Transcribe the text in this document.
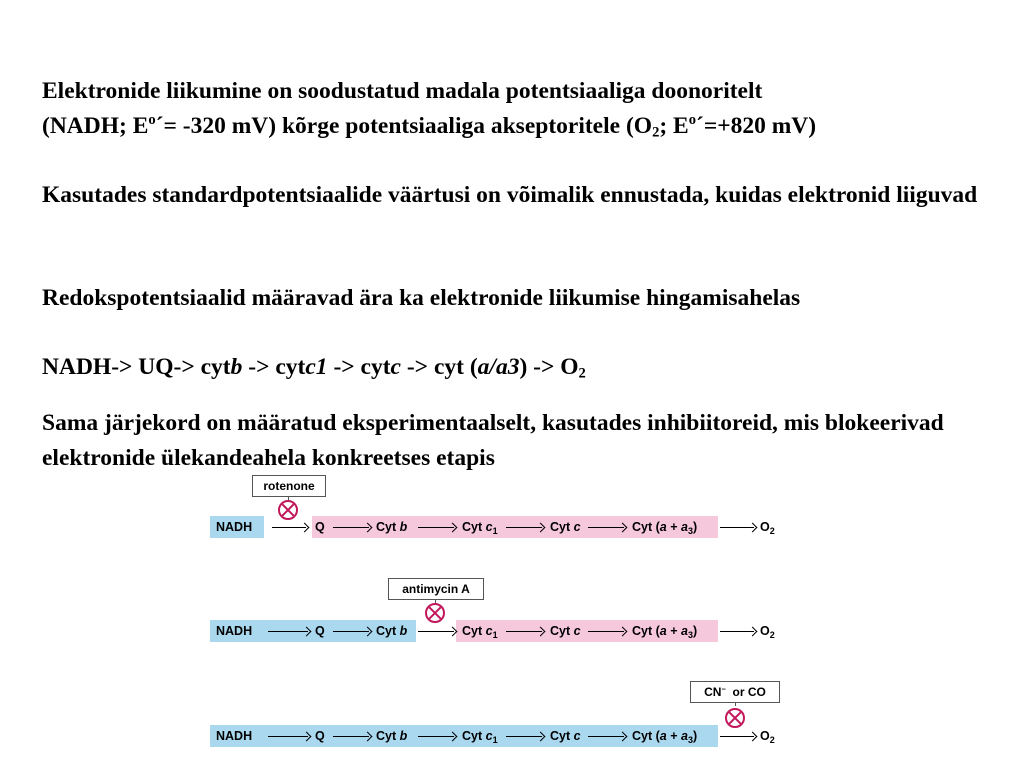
Elektronide liikumine on soodustatud madala potentsiaaliga doonoritelt
(NADH; $E^o´= -320$ mV) kõrge potentsiaaliga akseptoritele ($O_2$; $E^o´=+820$ mV)
Kasutades standardpotentsiaalide väärtusi on võimalik ennustada, kuidas elektronid liiguvad
Redokspotentsiaalid määravad ära ka elektronide liikumise hingamisahelas
NADH-> UQ-> cytb -> cytc1 -> cytc -> cyt $(a/a3) -> O_2$
Sama järjekord on määratud eksperimentaalselt, kasutades inhibiitoreid, mis blokeerivad elektronide ülekandeahela konkreetses etapis
rotenone
NADH	Q	Cyt b	Cyt $c_1$	Cyt c	Cyt $(a + a_3)$	$O_2$
antimycin A
NADH	Q	Cyt b	Cyt $c_1$	Cyt c	Cyt $(a + a_3)$	$O_2$
CN−  or CO
NADH	Q	Cyt b	Cyt $c_1$	Cyt c	Cyt $(a + a_3)$	$O_2$
